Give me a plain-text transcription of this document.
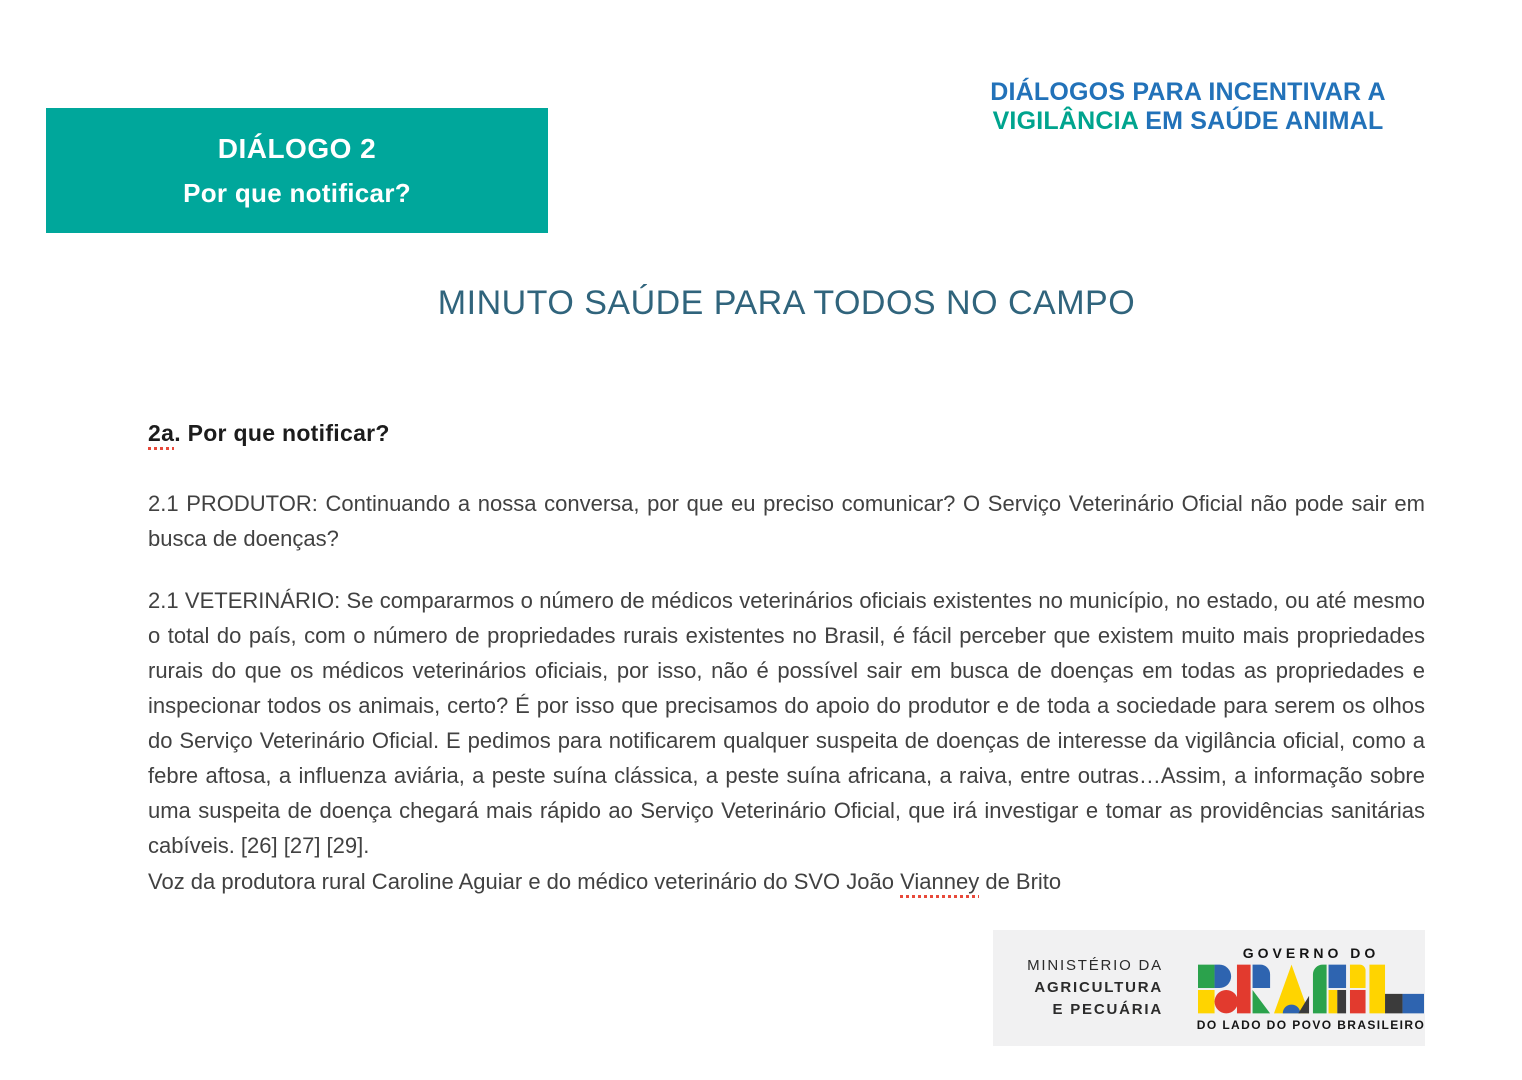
DIÁLOGO 2
Por que notificar?
DIÁLOGOS PARA INCENTIVAR A
VIGILÂNCIA EM SAÚDE ANIMAL
MINUTO SAÚDE PARA TODOS NO CAMPO
2a. Por que notificar?

2.1 PRODUTOR: Continuando a nossa conversa, por que eu preciso comunicar? O Serviço Veterinário Oficial não pode sair em busca de doenças?

2.1 VETERINÁRIO: Se compararmos o número de médicos veterinários oficiais existentes no município, no estado, ou até mesmo o total do país, com o número de propriedades rurais existentes no Brasil, é fácil perceber que existem muito mais propriedades rurais do que os médicos veterinários oficiais, por isso, não é possível sair em busca de doenças em todas as propriedades e inspecionar todos os animais, certo? É por isso que precisamos do apoio do produtor e de toda a sociedade para serem os olhos do Serviço Veterinário Oficial. E pedimos para notificarem qualquer suspeita de doenças de interesse da vigilância oficial, como a febre aftosa, a influenza aviária, a peste suína clássica, a peste suína africana, a raiva, entre outras…Assim, a informação sobre uma suspeita de doença chegará mais rápido ao Serviço Veterinário Oficial, que irá investigar e tomar as providências sanitárias cabíveis. [26] [27] [29].

Voz da produtora rural Caroline Aguiar e do médico veterinário do SVO João Vianney de Brito

MINISTÉRIO DA
AGRICULTURA
E PECUÁRIA
GOVERNO DO
DO LADO DO POVO BRASILEIRO
